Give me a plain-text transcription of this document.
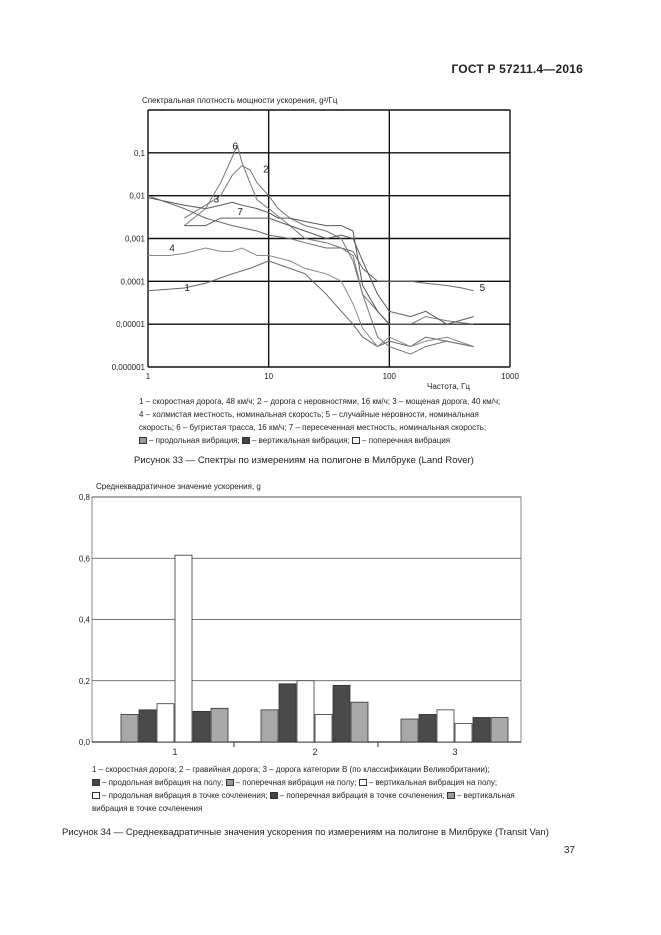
ГОСТ Р 57211.4—2016
Спектральная плотность мощности ускорения, g²/Гц
0,000001
0,00001
0,0001
0,001
0,01
0,1
1	10	100	1000
1
2
3
4
5
6
7
Частота, Гц
1 – скоростная дорога, 48 км/ч; 2 – дорога с неровностями, 16 км/ч; 3 – мощеная дорога, 40 км/ч;
4 – холмистая местность, номинальная скорость; 5 – случайные неровности, номинальная
скорость; 6 – бугристая трасса, 16 км/ч; 7 – пересеченная местность, номинальная скорость;
– продольная вибрация; – вертикальная вибрация; – поперечная вибрация
Рисунок 33 — Спектры по измерениям на полигоне в Милбруке (Land Rover)
Среднеквадратичное значение ускорения, g
0,0
0,2
0,4
0,6
0,8
1	2	3
1 – скоростная дорога; 2 – гравийная дорога; 3 – дорога категории B (по классификации Великобритании);
– продольная вибрация на полу; – поперечная вибрация на полу; – вертикальная вибрация на полу;
– продольная вибрация в точке сочленения; – поперечная вибрация в точке сочленения; – вертикальная
вибрация в точке сочленения
Рисунок 34 — Среднеквадратичные значения ускорения по измерениям на полигоне в Милбруке (Transit Van)
37
